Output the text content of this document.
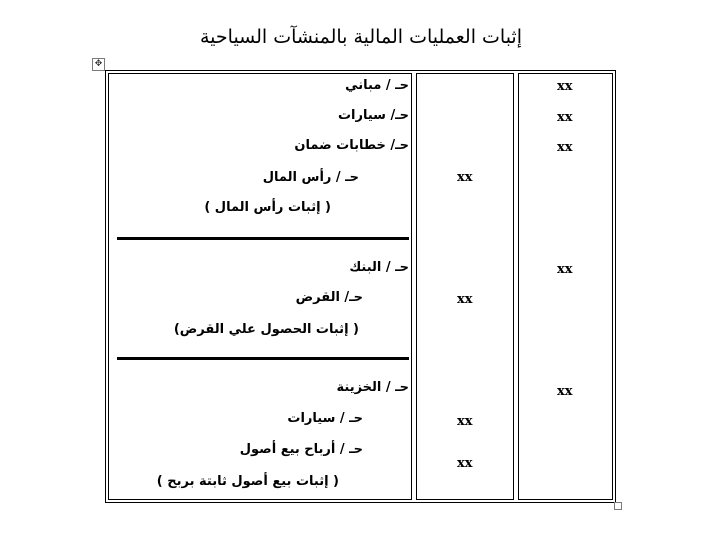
إثبات العمليات المالية بالمنشآت السياحية
✥
xx
xx
xx
xx
xx
xx
xx
xx
xx
حـ / مباني
حـ/ سيارات
حـ/ خطابات ضمان
حـ / رأس المال
( إثبات رأس المال )
حـ / البنك
حـ/ القرض
( إثبات الحصول علي القرض)
حـ / الخزينة
حـ / سيارات
حـ / أرباح بيع أصول
( إثبات بيع أصول ثابتة بربح )
